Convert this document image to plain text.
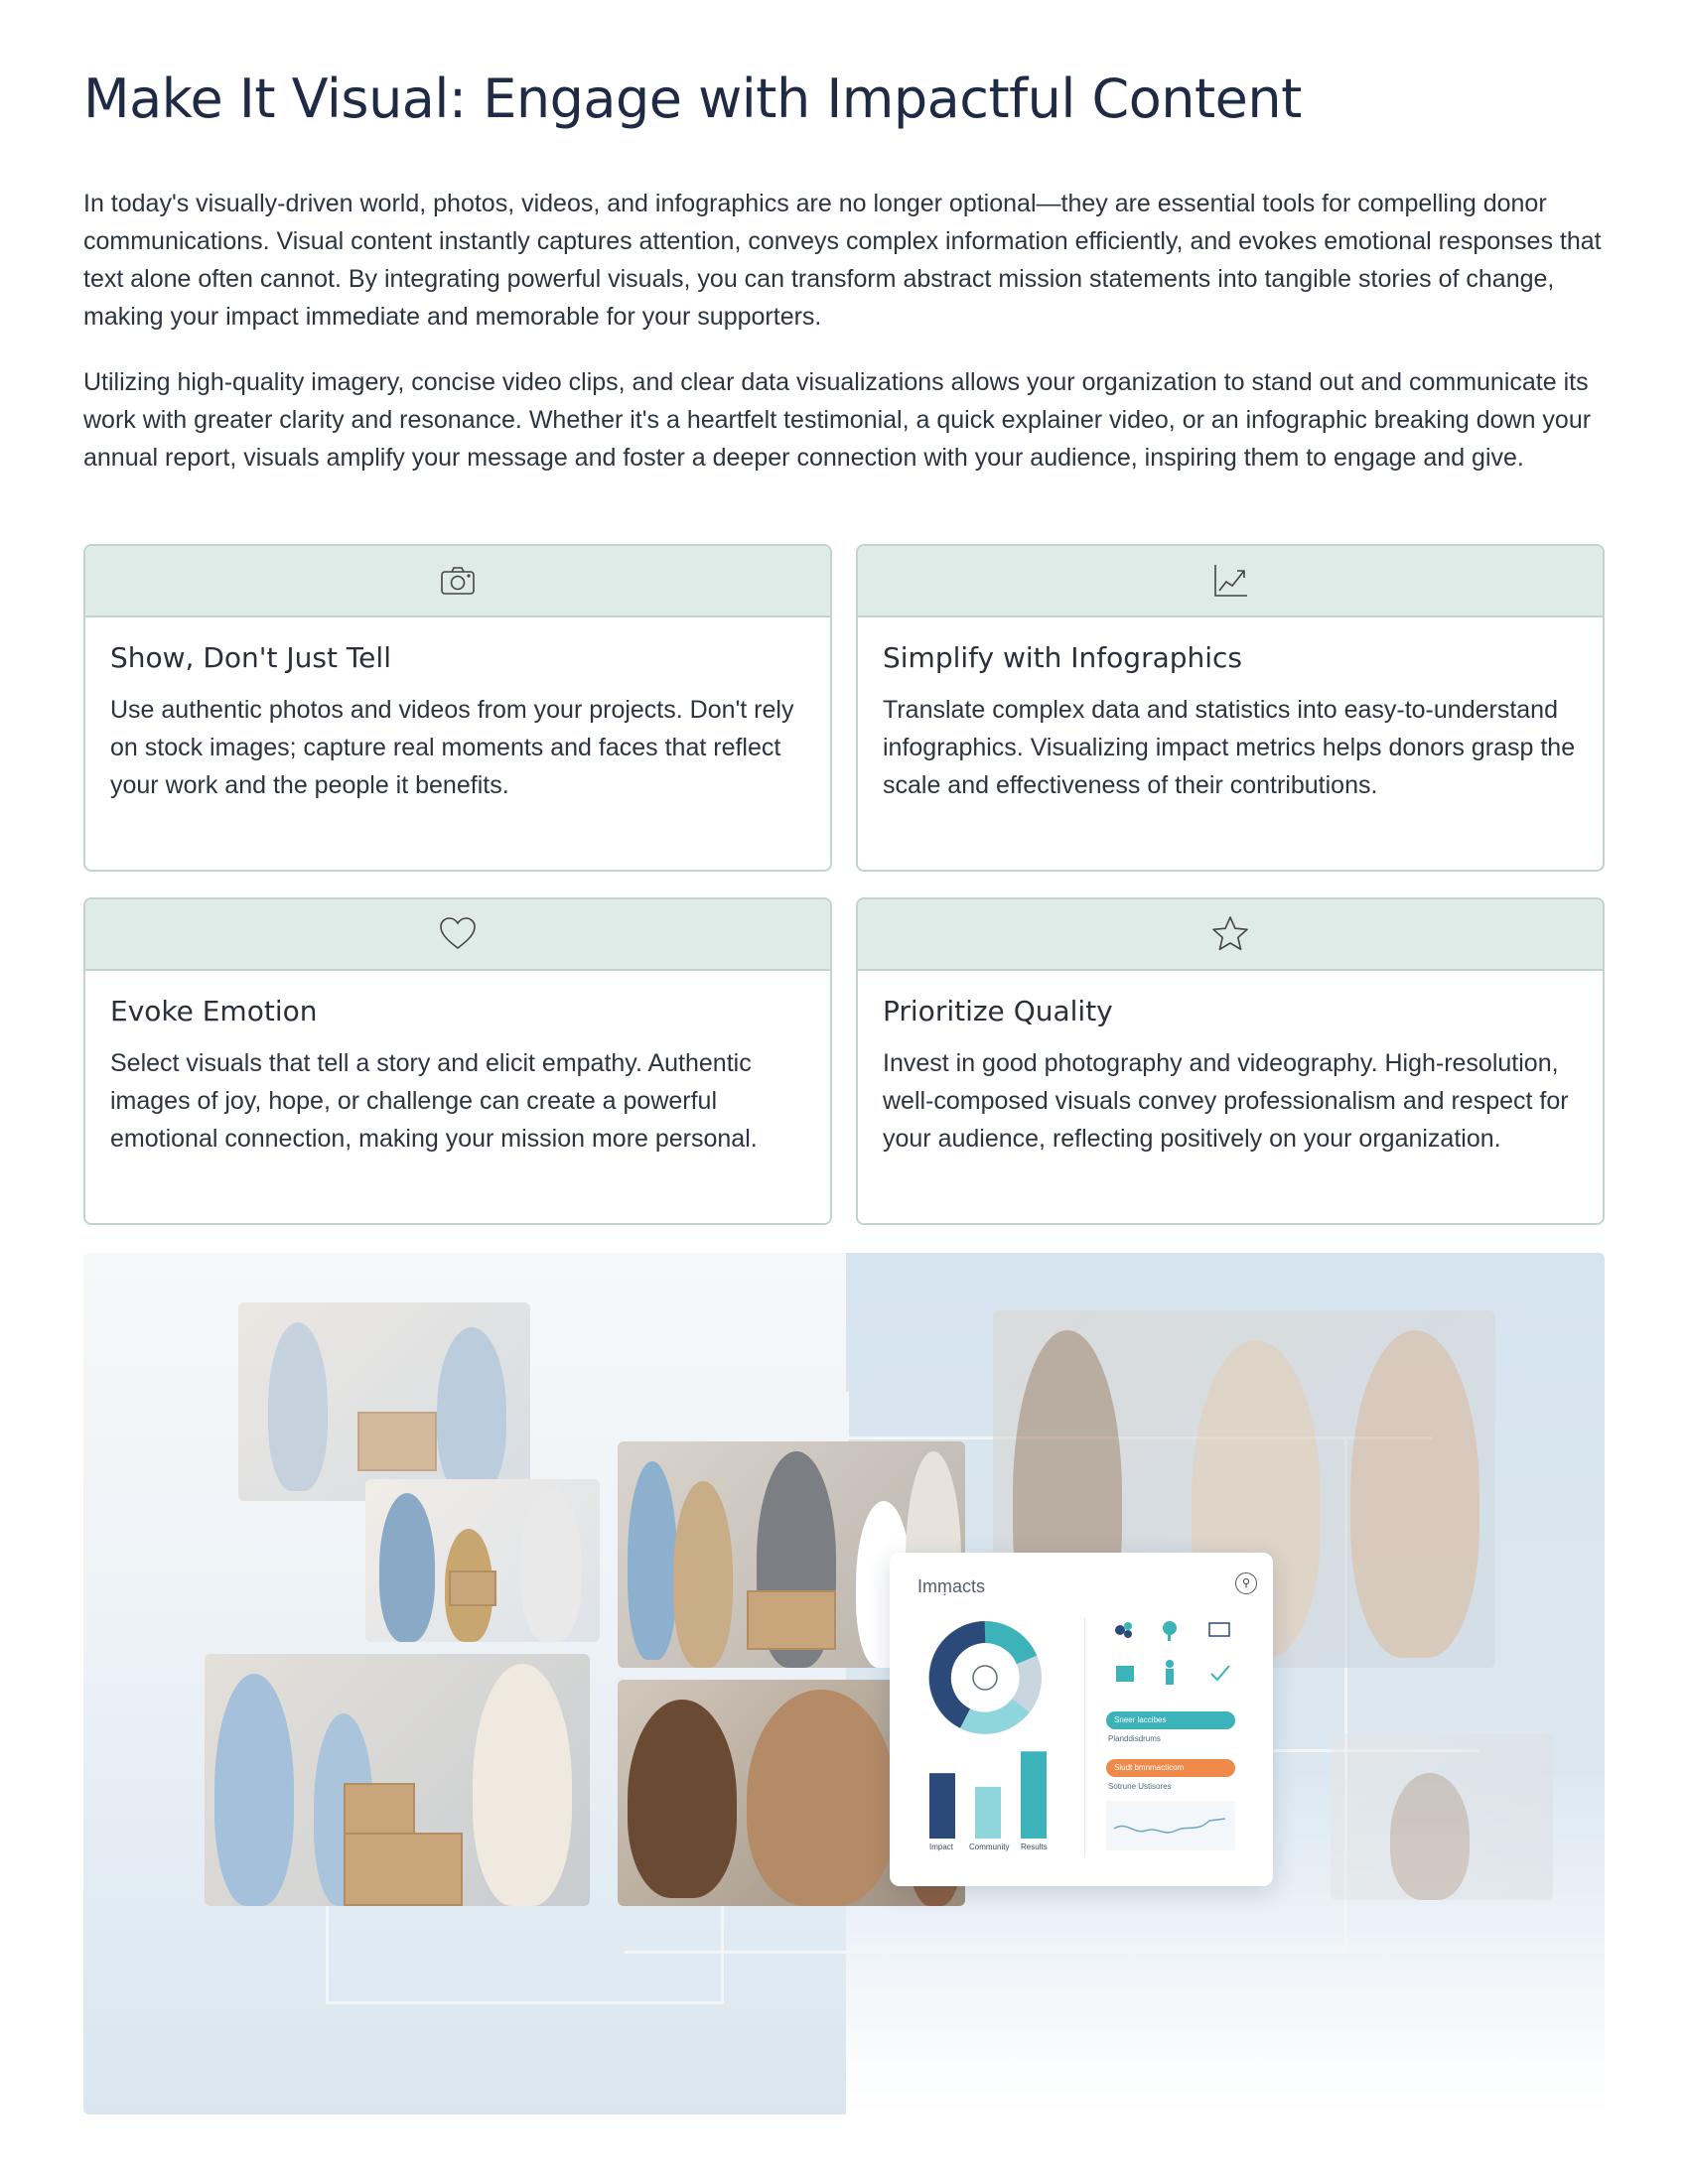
Make It Visual: Engage with Impactful Content

In today's visually-driven world, photos, videos, and infographics are no longer optional—they are essential tools for compelling donor communications. Visual content instantly captures attention, conveys complex information efficiently, and evokes emotional responses that text alone often cannot. By integrating powerful visuals, you can transform abstract mission statements into tangible stories of change, making your impact immediate and memorable for your supporters.

Utilizing high-quality imagery, concise video clips, and clear data visualizations allows your organization to stand out and communicate its work with greater clarity and resonance. Whether it's a heartfelt testimonial, a quick explainer video, or an infographic breaking down your annual report, visuals amplify your message and foster a deeper connection with your audience, inspiring them to engage and give.

Show, Don't Just Tell
Use authentic photos and videos from your projects. Don't rely on stock images; capture real moments and faces that reflect your work and the people it benefits.
Simplify with Infographics
Translate complex data and statistics into easy-to-understand infographics. Visualizing impact metrics helps donors grasp the scale and effectiveness of their contributions.
Evoke Emotion
Select visuals that tell a story and elicit empathy. Authentic images of joy, hope, or challenge can create a powerful emotional connection, making your mission more personal.
Prioritize Quality
Invest in good photography and videography. High-resolution, well-composed visuals convey professionalism and respect for your audience, reflecting positively on your organization.
Imṃacts	⚲
Impact Community Results
Sneer laccibes
Planddisdrums
Siudt bmnmacticom
Sotrune Ustisores
